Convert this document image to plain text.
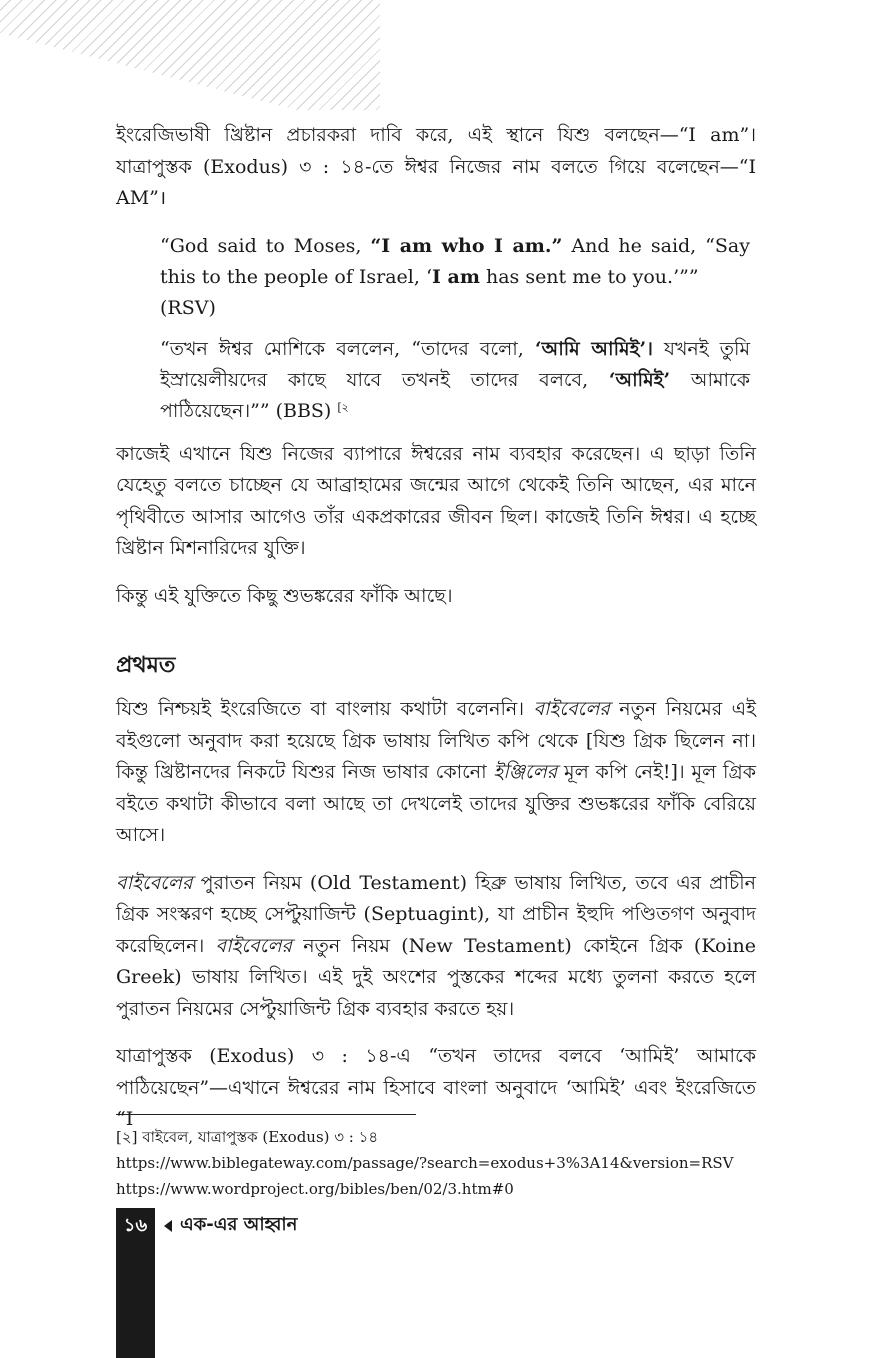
ইংরেজিভাষী খ্রিষ্টান প্রচারকরা দাবি করে, এই স্থানে যিশু বলছেন—“I am”। যাত্রাপুস্তক (Exodus) ৩ : ১৪-তে ঈশ্বর নিজের নাম বলতে গিয়ে বলেছেন—“I AM”।

“God said to Moses, “I am who I am.” And he said, “Say this to the people of Israel, ‘I am has sent me to you.’””
(RSV)

“তখন ঈশ্বর মোশিকে বললেন, “তাদের বলো, ‘আমি আমিই’। যখনই তুমি ইস্রায়েলীয়দের কাছে যাবে তখনই তাদের বলবে, ‘আমিই’ আমাকে পাঠিয়েছেন।”” (BBS) $^{[২}$

কাজেই এখানে যিশু নিজের ব্যাপারে ঈশ্বরের নাম ব্যবহার করেছেন। এ ছাড়া তিনি যেহেতু বলতে চাচ্ছেন যে আব্রাহামের জন্মের আগে থেকেই তিনি আছেন, এর মানে পৃথিবীতে আসার আগেও তাঁর একপ্রকারের জীবন ছিল। কাজেই তিনি ঈশ্বর। এ হচ্ছে খ্রিষ্টান মিশনারিদের যুক্তি।

কিন্তু এই যুক্তিতে কিছু শুভঙ্করের ফাঁকি আছে।

প্রথমত

যিশু নিশ্চয়ই ইংরেজিতে বা বাংলায় কথাটা বলেননি। বাইবেলের নতুন নিয়মের এই বইগুলো অনুবাদ করা হয়েছে গ্রিক ভাষায় লিখিত কপি থেকে [যিশু গ্রিক ছিলেন না। কিন্তু খ্রিষ্টানদের নিকটে যিশুর নিজ ভাষার কোনো ইঞ্জিলের মূল কপি নেই!]। মূল গ্রিক বইতে কথাটা কীভাবে বলা আছে তা দেখলেই তাদের যুক্তির শুভঙ্করের ফাঁকি বেরিয়ে আসে।

বাইবেলের পুরাতন নিয়ম (Old Testament) হিব্রু ভাষায় লিখিত, তবে এর প্রাচীন গ্রিক সংস্করণ হচ্ছে সেপ্টুয়াজিন্ট (Septuagint), যা প্রাচীন ইহুদি পণ্ডিতগণ অনুবাদ করেছিলেন। বাইবেলের নতুন নিয়ম (New Testament) কোইনে গ্রিক (Koine Greek) ভাষায় লিখিত। এই দুই অংশের পুস্তকের শব্দের মধ্যে তুলনা করতে হলে পুরাতন নিয়মের সেপ্টুয়াজিন্ট গ্রিক ব্যবহার করতে হয়।

যাত্রাপুস্তক (Exodus) ৩ : ১৪-এ “তখন তাদের বলবে ‘আমিই’ আমাকে পাঠিয়েছেন”—এখানে ঈশ্বরের নাম হিসাবে বাংলা অনুবাদে ‘আমিই’ এবং ইংরেজিতে “I

[২] বাইবেল, যাত্রাপুস্তক (Exodus) ৩ : ১৪
https://www.biblegateway.com/passage/?search=exodus+3%3A14&version=RSV
https://www.wordproject.org/bibles/ben/02/3.htm#0
১৬	এক-এর আহ্বান
